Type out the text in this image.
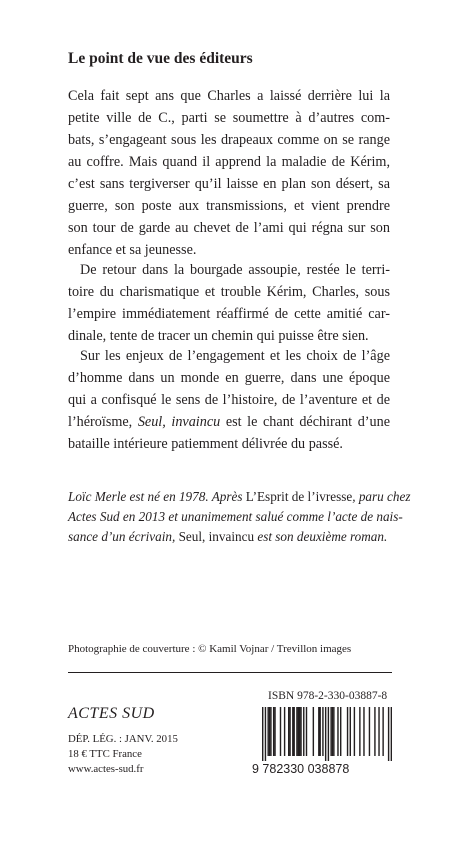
Le point de vue des éditeurs

Cela fait sept ans que Charles a laissé derrière lui la
petite ville de C., parti se soumettre à d’autres com-
bats, s’engageant sous les drapeaux comme on se range
au coffre. Mais quand il apprend la maladie de Kérim,
c’est sans tergiverser qu’il laisse en plan son désert, sa
guerre, son poste aux transmissions, et vient prendre
son tour de garde au chevet de l’ami qui régna sur son
enfance et sa jeunesse.

De retour dans la bourgade assoupie, restée le terri-
toire du charismatique et trouble Kérim, Charles, sous
l’empire immédiatement réaffirmé de cette amitié car-
dinale, tente de tracer un chemin qui puisse être sien.

Sur les enjeux de l’engagement et les choix de l’âge
d’homme dans un monde en guerre, dans une époque
qui a confisqué le sens de l’histoire, de l’aventure et de
l’héroïsme, Seul, invaincu est le chant déchirant d’une
bataille intérieure patiemment délivrée du passé.

Loïc Merle est né en 1978. Après L’Esprit de l’ivresse, paru chez
Actes Sud en 2013 et unanimement salué comme l’acte de nais-
sance d’un écrivain, Seul, invaincu est son deuxième roman.

Photographie de couverture : © Kamil Vojnar / Trevillon images

ACTES SUD

DÉP. LÉG. : JANV. 2015

18 € TTC France

www.actes-sud.fr

ISBN 978-2-330-03887-8

9 782330 038878
